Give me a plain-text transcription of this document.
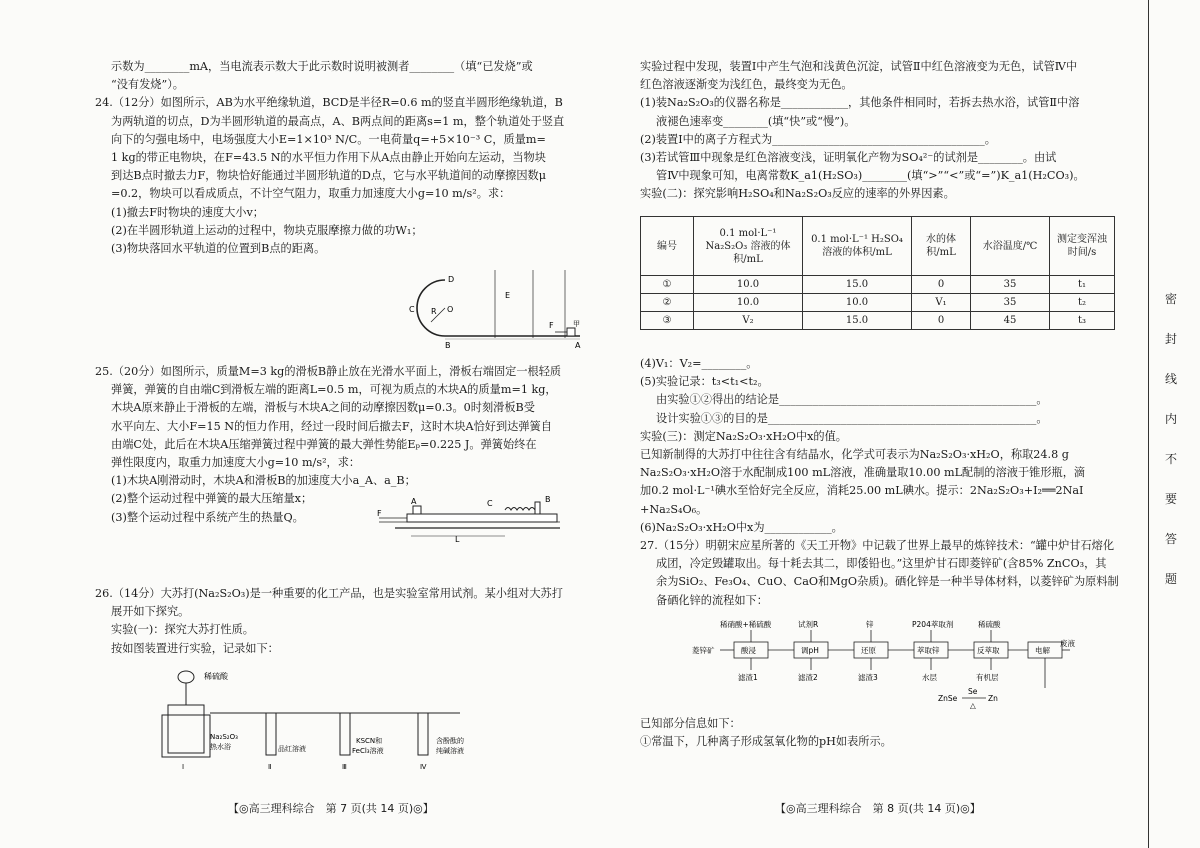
示数为________mA，当电流表示数大于此示数时说明被测者________（填“已发烧”或

“没有发烧”）。

24.（12分）如图所示，AB为水平绝缘轨道，BCD是半径R=0.6 m的竖直半圆形绝缘轨道，B

为两轨道的切点，D为半圆形轨道的最高点，A、B两点间的距离s=1 m，整个轨道处于竖直

向下的匀强电场中，电场强度大小E=1×10³ N/C。一电荷量q=+5×10⁻³ C，质量m=

1 kg的带正电物块，在F=43.5 N的水平恒力作用下从A点由静止开始向左运动，当物块

到达B点时撤去力F，物块恰好能通过半圆形轨道的D点，它与水平轨道间的动摩擦因数μ

=0.2，物块可以看成质点，不计空气阻力，取重力加速度大小g=10 m/s²。求：

(1)撤去F时物块的速度大小v；

(2)在半圆形轨道上运动的过程中，物块克服摩擦力做的功W₁；

(3)物块落回水平轨道的位置到B点的距离。

D
C R O
E
B
F
A
甲

25.（20分）如图所示，质量M=3 kg的滑板B静止放在光滑水平面上，滑板右端固定一根轻质

弹簧，弹簧的自由端C到滑板左端的距离L=0.5 m，可视为质点的木块A的质量m=1 kg，

木块A原来静止于滑板的左端，滑板与木块A之间的动摩擦因数μ=0.3。0时刻滑板B受

水平向左、大小F=15 N的恒力作用，经过一段时间后撤去F，这时木块A恰好到达弹簧自

由端C处，此后在木块A压缩弹簧过程中弹簧的最大弹性势能Eₚ=0.225 J。弹簧始终在

弹性限度内，取重力加速度大小g=10 m/s²，求：

(1)木块A刚滑动时，木块A和滑板B的加速度大小a_A、a_B；

(2)整个运动过程中弹簧的最大压缩量x；

(3)整个运动过程中系统产生的热量Q。	F
A	C	B
L

26.（14分）大苏打(Na₂S₂O₃)是一种重要的化工产品，也是实验室常用试剂。某小组对大苏打

展开如下探究。

实验(一)：探究大苏打性质。

按如图装置进行实验，记录如下：

稀硫酸
Na₂S₂O₃
热水浴	品红溶液
KSCN和
FeCl₃溶液
含酚酞的
纯碱溶液
Ⅰ	Ⅱ	Ⅲ	Ⅳ
【◎高三理科综合　第 7 页(共 14 页)◎】

实验过程中发现，装置Ⅰ中产生气泡和浅黄色沉淀，试管Ⅱ中红色溶液变为无色，试管Ⅳ中

红色溶液逐渐变为浅红色，最终变为无色。

(1)装Na₂S₂O₃的仪器名称是____________，其他条件相同时，若拆去热水浴，试管Ⅱ中溶

液褪色速率变________(填“快”或“慢”)。

(2)装置Ⅰ中的离子方程式为______________________________________。

(3)若试管Ⅲ中现象是红色溶液变浅，证明氧化产物为SO₄²⁻的试剂是________。由试

管Ⅳ中现象可知，电离常数K_a1(H₂SO₃)________(填“>”“<”或“=”)K_a1(H₂CO₃)。

实验(二)：探究影响H₂SO₄和Na₂S₂O₃反应的速率的外界因素。

编号	0.1 mol·L⁻¹ Na₂S₂O₃ 溶液的体积/mL	0.1 mol·L⁻¹ H₂SO₄ 溶液的体积/mL	水的体积/mL	水浴温度/℃	测定变浑浊时间/s
①	10.0	15.0	0	35	t₁
②	10.0	10.0	V₁	35	t₂
③	V₂	15.0	0	45	t₃

(4)V₁：V₂=________。

(5)实验记录：t₃<t₁<t₂。

由实验①②得出的结论是______________________________________________。

设计实验①③的目的是________________________________________________。

实验(三)：测定Na₂S₂O₃·xH₂O中x的值。

已知新制得的大苏打中往往含有结晶水，化学式可表示为Na₂S₂O₃·xH₂O，称取24.8 g

Na₂S₂O₃·xH₂O溶于水配制成100 mL溶液，准确量取10.00 mL配制的溶液于锥形瓶，滴

加0.2 mol·L⁻¹碘水至恰好完全反应，消耗25.00 mL碘水。提示：2Na₂S₂O₃+I₂══2NaI

+Na₂S₄O₆。

(6)Na₂S₂O₃·xH₂O中x为____________。

27.（15分）明朝宋应星所著的《天工开物》中记载了世界上最早的炼锌技术：“罐中炉甘石熔化

成团，冷定毁罐取出。每十耗去其二，即倭铅也。”这里炉甘石即菱锌矿(含85% ZnCO₃，其

余为SiO₂、Fe₃O₄、CuO、CaO和MgO杂质)。硒化锌是一种半导体材料，以菱锌矿为原料制

备硒化锌的流程如下：

稀硝酸+稀硫酸	试剂R	锌	P204萃取剂	稀硫酸
菱锌矿	酸浸	调pH	还原	萃取锌	反萃取	电解
废液
滤渣1	滤渣2	滤渣3	水层	有机层
Zn
Se
△
ZnSe

已知部分信息如下：

①常温下，几种离子形成氢氧化物的pH如表所示。

【◎高三理科综合　第 8 页(共 14 页)◎】
密
封
线
内
不
要
答
题
